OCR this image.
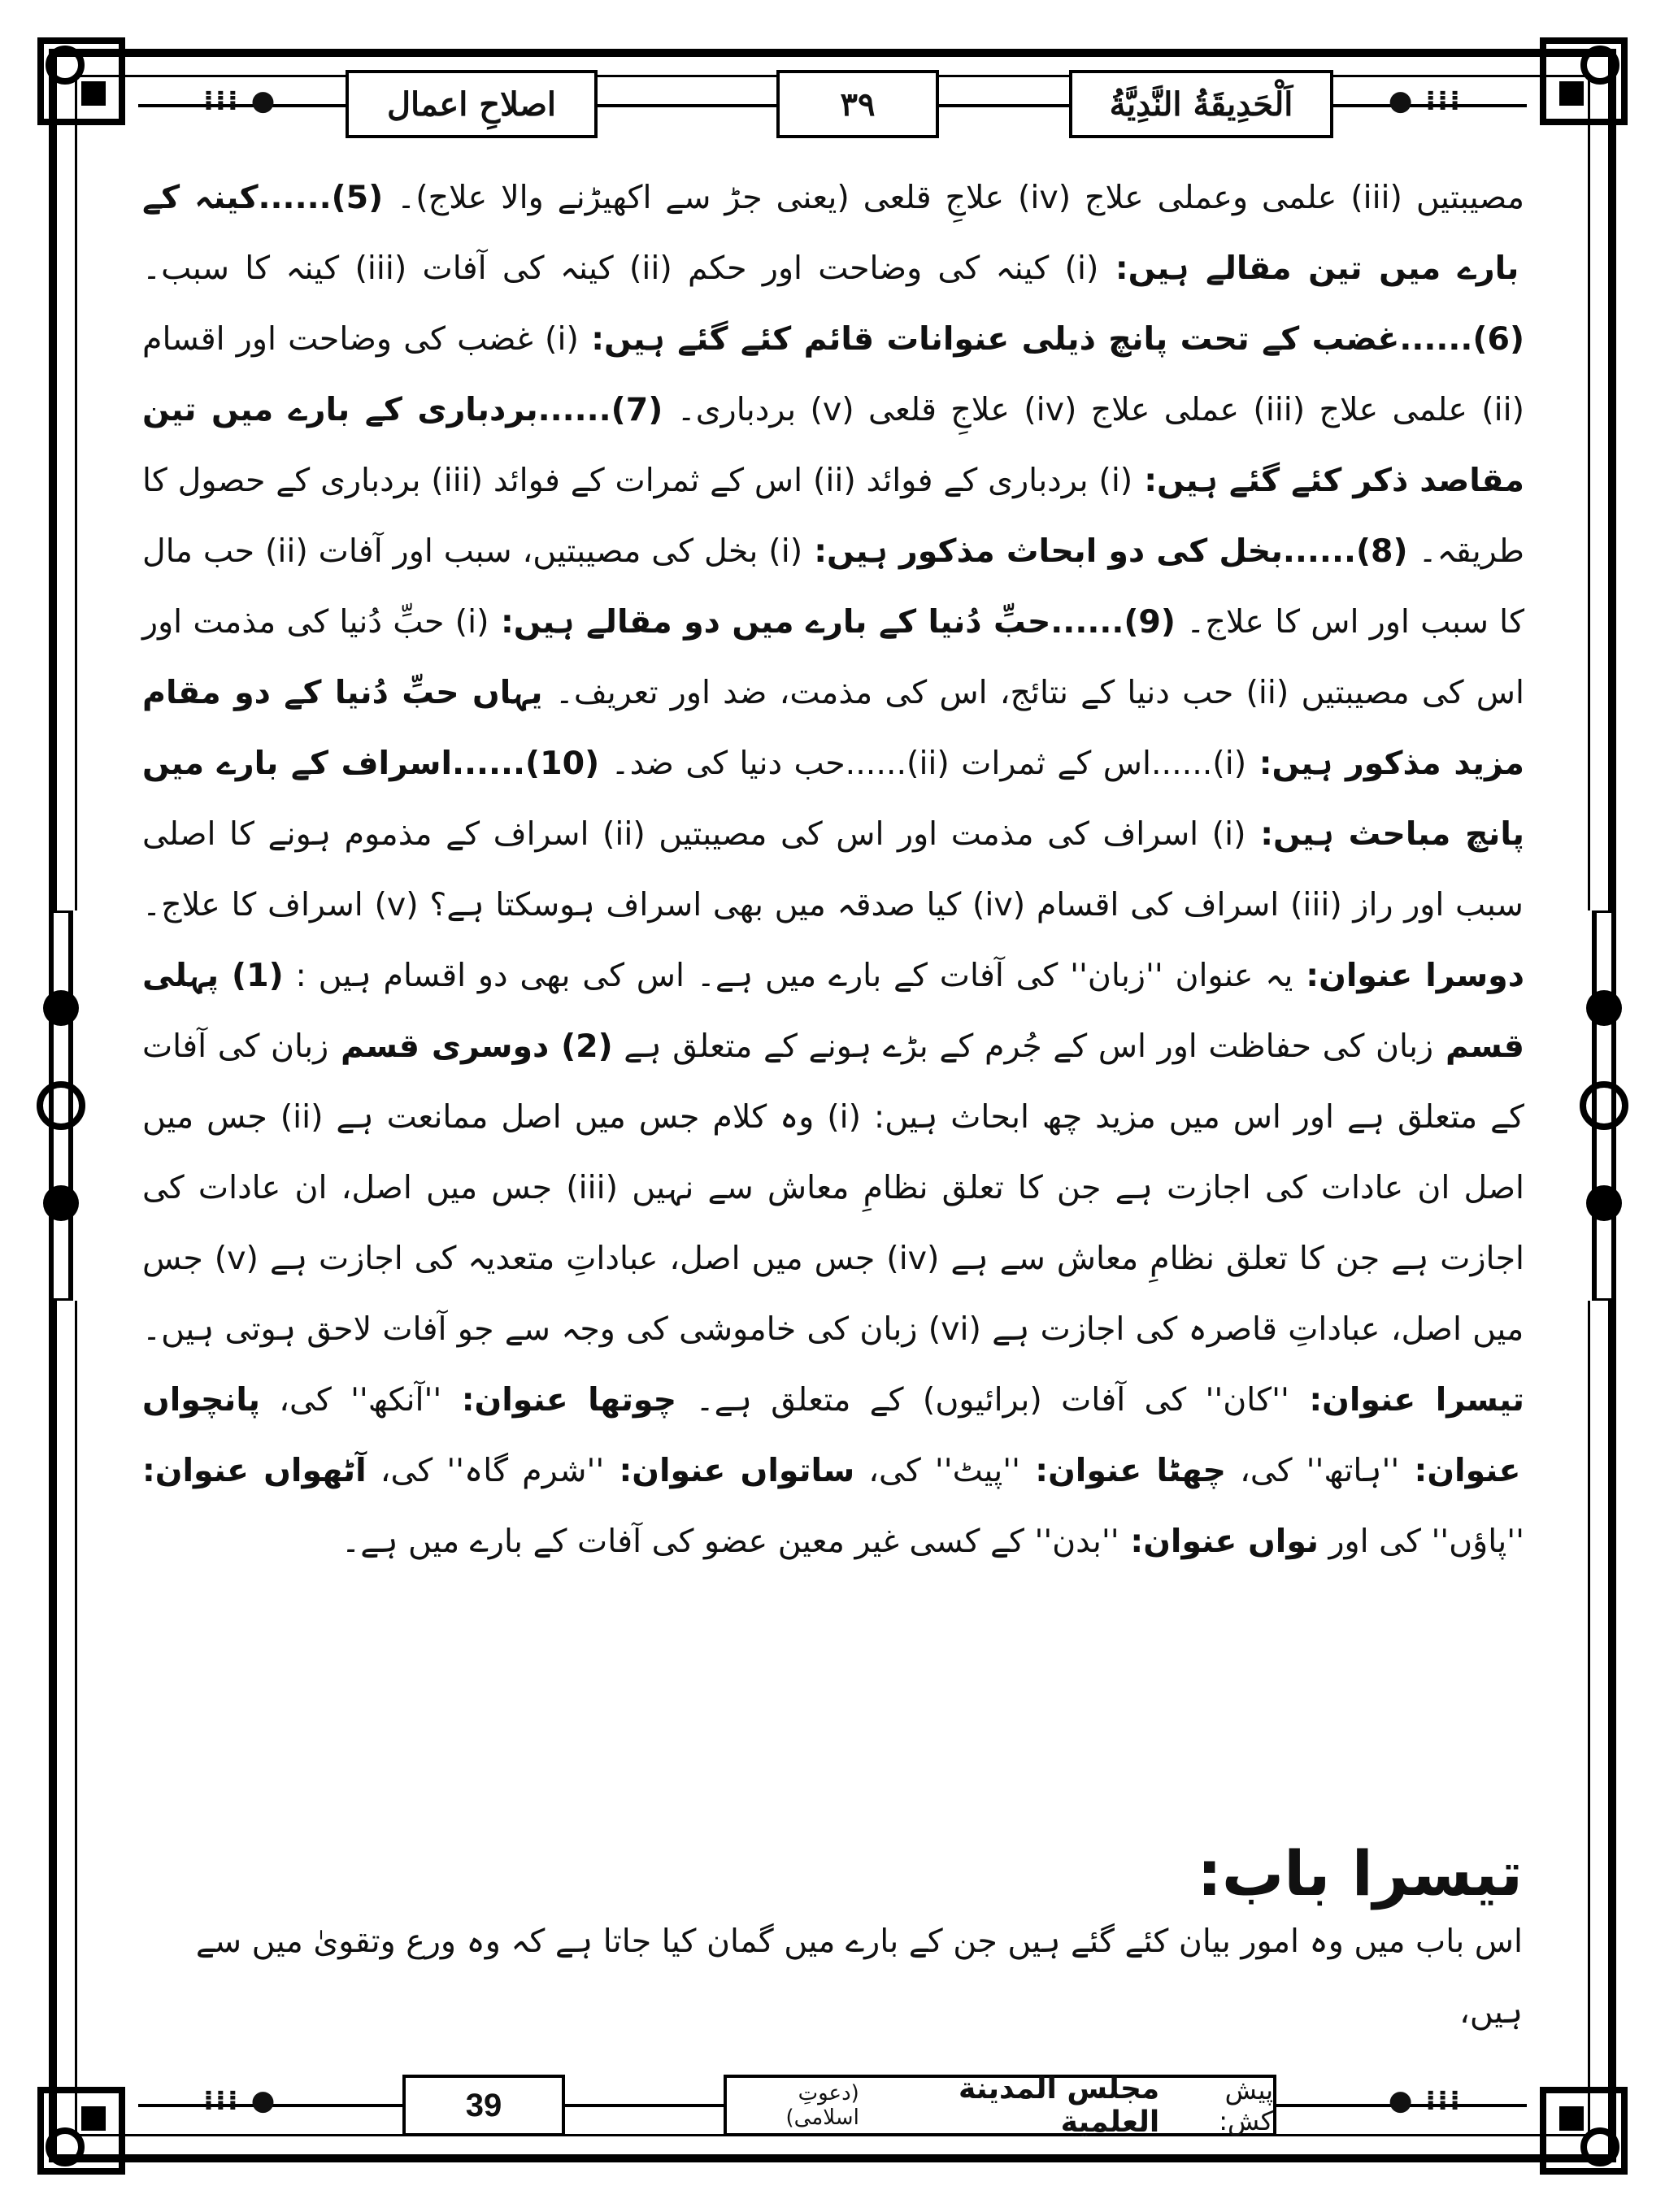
⁞⁞⁞ ●	● ⁞⁞⁞
اصلاحِ اعمال	٣٩	اَلْحَدِيقَةُ النَّدِيَّةُ

مصیبتیں (iii) علمی وعملی علاج (iv) علاجِ قلعی (یعنی جڑ سے اکھیڑنے والا علاج)۔ (5)......کینہ کے بارے میں تین مقالے ہیں: (i) کینہ کی وضاحت اور حکم (ii) کینہ کی آفات (iii) کینہ کا سبب۔ (6)......غضب کے تحت پانچ ذیلی عنوانات قائم کئے گئے ہیں: (i) غضب کی وضاحت اور اقسام (ii) علمی علاج (iii) عملی علاج (iv) علاجِ قلعی (v) بردباری۔ (7)......بردباری کے بارے میں تین مقاصد ذکر کئے گئے ہیں: (i) بردباری کے فوائد (ii) اس کے ثمرات کے فوائد (iii) بردباری کے حصول کا طریقہ۔ (8)......بخل کی دو ابحاث مذکور ہیں: (i) بخل کی مصیبتیں، سبب اور آفات (ii) حب مال کا سبب اور اس کا علاج۔ (9)......حبِّ دُنیا کے بارے میں دو مقالے ہیں: (i) حبِّ دُنیا کی مذمت اور اس کی مصیبتیں (ii) حب دنیا کے نتائج، اس کی مذمت، ضد اور تعریف۔ یہاں حبِّ دُنیا کے دو مقام مزید مذکور ہیں: (i)......اس کے ثمرات (ii)......حب دنیا کی ضد۔ (10)......اسراف کے بارے میں پانچ مباحث ہیں: (i) اسراف کی مذمت اور اس کی مصیبتیں (ii) اسراف کے مذموم ہونے کا اصلی سبب اور راز (iii) اسراف کی اقسام (iv) کیا صدقہ میں بھی اسراف ہوسکتا ہے؟ (v) اسراف کا علاج۔ دوسرا عنوان: یہ عنوان ''زبان'' کی آفات کے بارے میں ہے۔ اس کی بھی دو اقسام ہیں : (1) پہلی قسم زبان کی حفاظت اور اس کے جُرم کے بڑے ہونے کے متعلق ہے (2) دوسری قسم زبان کی آفات کے متعلق ہے اور اس میں مزید چھ ابحاث ہیں: (i) وہ کلام جس میں اصل ممانعت ہے (ii) جس میں اصل ان عادات کی اجازت ہے جن کا تعلق نظامِ معاش سے نہیں (iii) جس میں اصل، ان عادات کی اجازت ہے جن کا تعلق نظامِ معاش سے ہے (iv) جس میں اصل، عباداتِ متعدیہ کی اجازت ہے (v) جس میں اصل، عباداتِ قاصرہ کی اجازت ہے (vi) زبان کی خاموشی کی وجہ سے جو آفات لاحق ہوتی ہیں۔ تیسرا عنوان: ''کان'' کی آفات (برائیوں) کے متعلق ہے۔ چوتھا عنوان: ''آنکھ'' کی، پانچواں عنوان: ''ہاتھ'' کی، چھٹا عنوان: ''پیٹ'' کی، ساتواں عنوان: ''شرم گاہ'' کی، آٹھواں عنوان: ''پاؤں'' کی اور نواں عنوان: ''بدن'' کے کسی غیر معین عضو کی آفات کے بارے میں ہے۔

تیسرا باب:
اس باب میں وہ امور بیان کئے گئے ہیں جن کے بارے میں گمان کیا جاتا ہے کہ وہ ورع وتقویٰ میں سے ہیں،
⁞⁞⁞ ●	● ⁞⁞⁞
39	پیش کش:
مجلس المدينة العلمية
(دعوتِ اسلامی)
